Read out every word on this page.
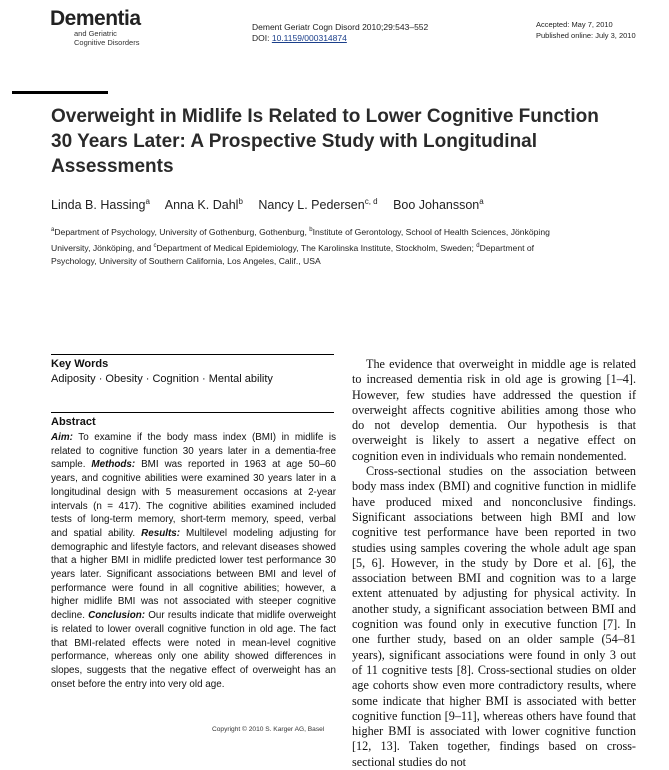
Dementia
and Geriatric
Cognitive Disorders
Dement Geriatr Cogn Disord 2010;29:543–552
DOI: 10.1159/000314874
Accepted: May 7, 2010
Published online: July 3, 2010
Overweight in Midlife Is Related to Lower Cognitive Function 30 Years Later: A Prospective Study with Longitudinal Assessments
Linda B. Hassing$^a$ Anna K. Dahl$^b$ Nancy L. Pedersen$^{c, d}$ Boo Johansson$^a$
$^a$Department of Psychology, University of Gothenburg, Gothenburg, $^b$Institute of Gerontology, School of Health Sciences, Jönköping University, Jönköping, and $^c$Department of Medical Epidemiology, The Karolinska Institute, Stockholm, Sweden; $^d$Department of Psychology, University of Southern California, Los Angeles, Calif., USA
Key Words
Adiposity · Obesity · Cognition · Mental ability
Abstract

Aim: To examine if the body mass index (BMI) in midlife is related to cognitive function 30 years later in a dementia-free sample. Methods: BMI was reported in 1963 at age 50–60 years, and cognitive abilities were examined 30 years later in a longitudinal design with 5 measurement occasions at 2-year intervals (n = 417). The cognitive abilities examined included tests of long-term memory, short-term memory, speed, verbal and spatial ability. Results: Multilevel modeling adjusting for demographic and lifestyle factors, and relevant diseases showed that a higher BMI in midlife predicted lower test performance 30 years later. Significant associations between BMI and level of performance were found in all cognitive abilities; however, a higher midlife BMI was not associated with steeper cognitive decline. Conclusion: Our results indicate that midlife overweight is related to lower overall cognitive function in old age. The fact that BMI-related effects were noted in mean-level cognitive performance, whereas only one ability showed differences in slopes, suggests that the negative effect of overweight has an onset before the entry into very old age.

Copyright © 2010 S. Karger AG, Basel

The evidence that overweight in middle age is related to increased dementia risk in old age is growing [1–4]. However, few studies have addressed the question if overweight affects cognitive abilities among those who do not develop dementia. Our hypothesis is that overweight is likely to assert a negative effect on cognition even in individuals who remain nondemented.

Cross-sectional studies on the association between body mass index (BMI) and cognitive function in midlife have produced mixed and nonconclusive findings. Significant associations between high BMI and low cognitive test performance have been reported in two studies using samples covering the whole adult age span [5, 6]. However, in the study by Dore et al. [6], the association between BMI and cognition was to a large extent attenuated by adjusting for physical activity. In another study, a significant association between BMI and cognition was found only in executive function [7]. In one further study, based on an older sample (54–81 years), significant associations were found in only 3 out of 11 cognitive tests [8]. Cross-sectional studies on older age cohorts show even more contradictory results, where some indicate that higher BMI is associated with better cognitive function [9–11], whereas others have found that higher BMI is associated with lower cognitive function [12, 13]. Taken together, findings based on cross-sectional studies do not
